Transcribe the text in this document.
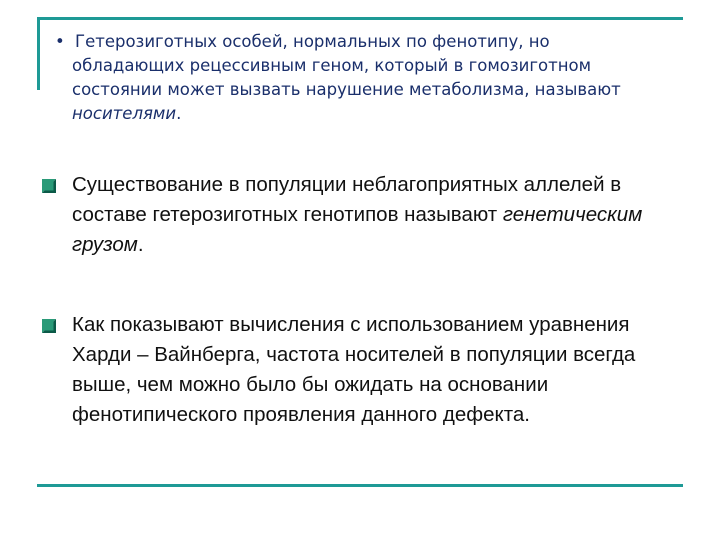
• Гетерозиготных особей, нормальных по фенотипу, но обладающих рецессивным геном, который в гомозиготном состоянии может вызвать нарушение метаболизма, называют носителями.
Существование в популяции неблагоприятных аллелей в составе гетерозиготных генотипов называют генетическим грузом.
Как показывают вычисления с использованием уравнения Харди – Вайнберга, частота носителей в популяции всегда выше, чем можно было бы ожидать на основании фенотипического проявления данного дефекта.
